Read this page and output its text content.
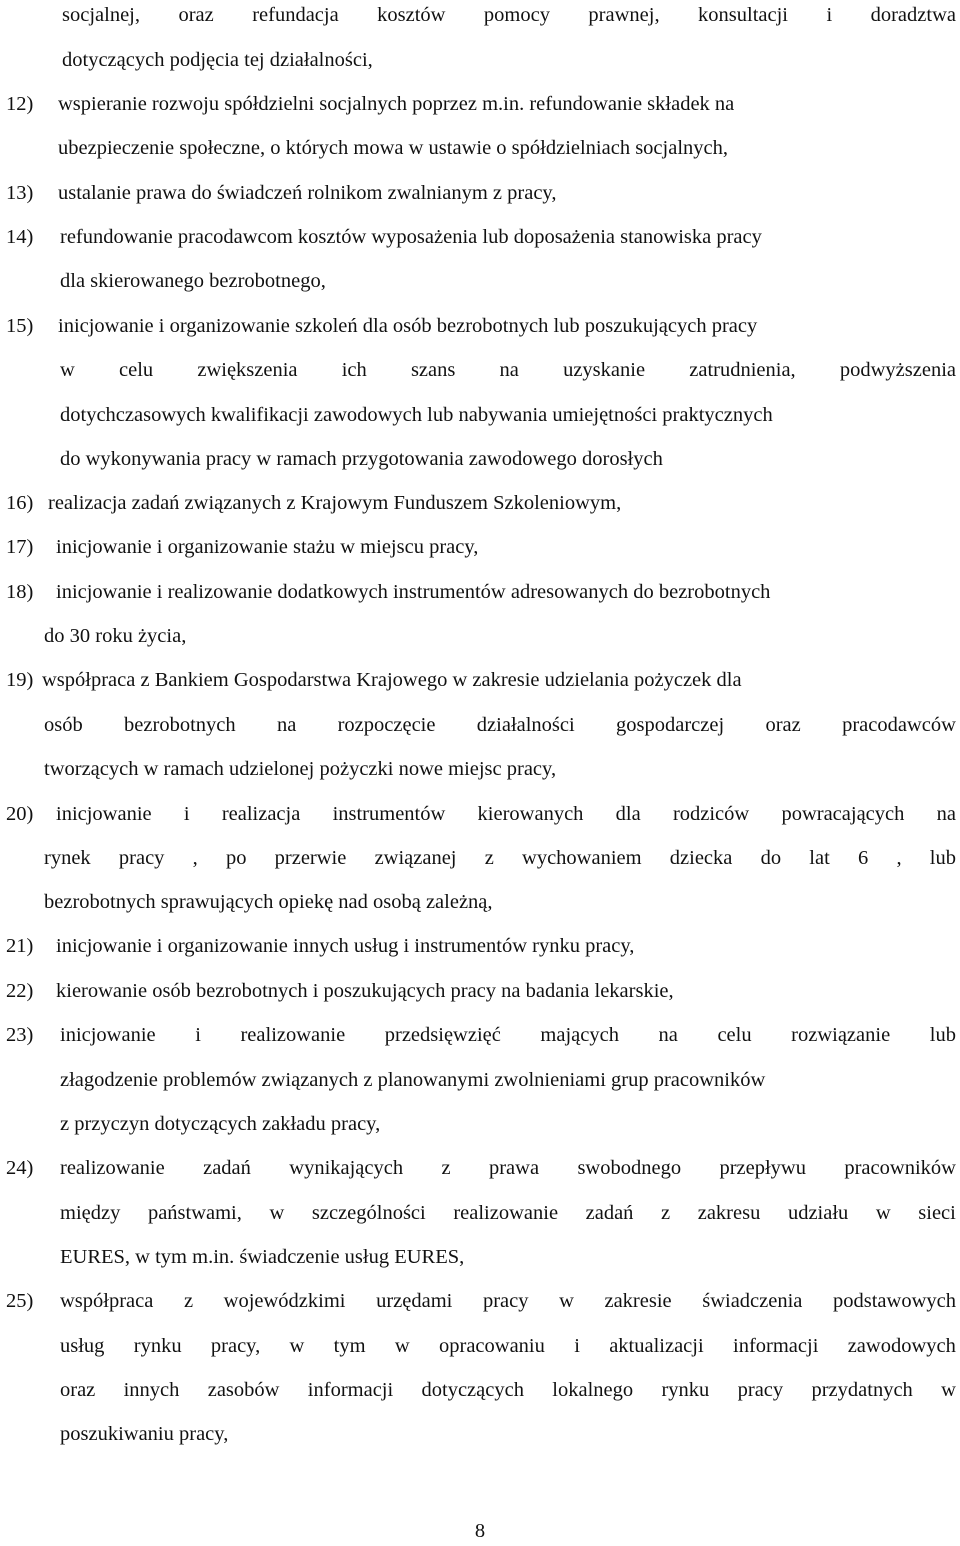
socjalnej, oraz refundacja kosztów pomocy prawnej, konsultacji i doradztwa
dotyczących podjęcia tej działalności,
12) wspieranie rozwoju spółdzielni socjalnych poprzez m.in. refundowanie składek na
ubezpieczenie społeczne, o których mowa w ustawie o spółdzielniach socjalnych,
13) ustalanie prawa do świadczeń rolnikom zwalnianym z pracy,
14) refundowanie pracodawcom kosztów wyposażenia lub doposażenia stanowiska pracy
dla skierowanego bezrobotnego,
15) inicjowanie i organizowanie szkoleń dla osób bezrobotnych lub poszukujących pracy
w celu zwiększenia ich szans na uzyskanie zatrudnienia, podwyższenia
dotychczasowych kwalifikacji zawodowych lub nabywania umiejętności praktycznych
do wykonywania pracy w ramach przygotowania zawodowego dorosłych
16) realizacja zadań związanych z Krajowym Funduszem Szkoleniowym,
17) inicjowanie i organizowanie stażu w miejscu pracy,
18) inicjowanie i realizowanie dodatkowych instrumentów adresowanych do bezrobotnych
do 30 roku życia,
19) współpraca z Bankiem Gospodarstwa Krajowego w zakresie udzielania pożyczek dla
osób bezrobotnych na rozpoczęcie działalności gospodarczej oraz pracodawców
tworzących w ramach udzielonej pożyczki nowe miejsc pracy,
20) inicjowanie i realizacja instrumentów kierowanych dla rodziców powracających na
rynek pracy , po przerwie związanej z wychowaniem dziecka do lat 6 , lub
bezrobotnych sprawujących opiekę nad osobą zależną,
21) inicjowanie i organizowanie innych usług i instrumentów rynku pracy,
22) kierowanie osób bezrobotnych i poszukujących pracy na badania lekarskie,
23) inicjowanie i realizowanie przedsięwzięć mających na celu rozwiązanie lub
złagodzenie problemów związanych z planowanymi zwolnieniami grup pracowników
z przyczyn dotyczących zakładu pracy,
24) realizowanie zadań wynikających z prawa swobodnego przepływu pracowników
między państwami, w szczególności realizowanie zadań z zakresu udziału w sieci
EURES, w tym m.in. świadczenie usług EURES,
25) współpraca z wojewódzkimi urzędami pracy w zakresie świadczenia podstawowych
usług rynku pracy, w tym w opracowaniu i aktualizacji informacji zawodowych
oraz innych zasobów informacji dotyczących lokalnego rynku pracy przydatnych w
poszukiwaniu pracy,
8
